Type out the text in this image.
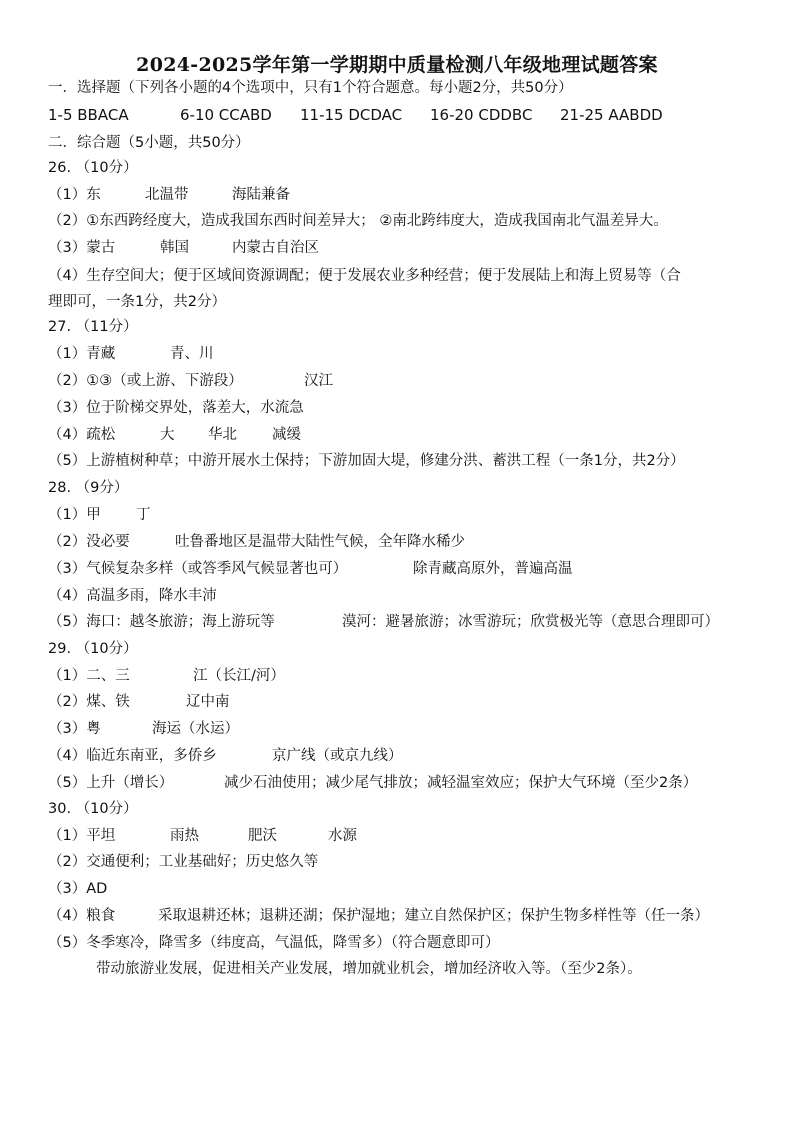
2024-2025学年第一学期期中质量检测八年级地理试题答案
一．选择题（下列各小题的4个选项中，只有1个符合题意。每小题2分，共50分）
1-5 BBACA	6-10 CCABD 11-15 DCDAC 16-20 CDDBC 21-25 AABDD
二．综合题（5小题，共50分）
26. （10分）
（1）东	北温带	海陆兼备
（2）①东西跨经度大，造成我国东西时间差异大； ②南北跨纬度大，造成我国南北气温差异大。
（3）蒙古	韩国	内蒙古自治区
（4）生存空间大；便于区域间资源调配；便于发展农业多种经营；便于发展陆上和海上贸易等（合
理即可，一条1分，共2分）
27. （11分）
（1）青藏	青、川
（2）①③（或上游、下游段）	汉江
（3）位于阶梯交界处，落差大，水流急
（4）疏松	大 华北 减缓
（5）上游植树种草；中游开展水土保持；下游加固大堤，修建分洪、蓄洪工程（一条1分，共2分）
28. （9分）
（1）甲 丁
（2）没必要	吐鲁番地区是温带大陆性气候，全年降水稀少
（3）气候复杂多样（或答季风气候显著也可）	除青藏高原外，普遍高温
（4）高温多雨，降水丰沛
（5）海口：越冬旅游；海上游玩等	漠河：避暑旅游；冰雪游玩；欣赏极光等（意思合理即可）
29. （10分）
（1）二、三	江（长江/河）
（2）煤、铁	辽中南
（3）粤	海运（水运）
（4）临近东南亚，多侨乡	京广线（或京九线）
（5）上升（增长）	减少石油使用；减少尾气排放；减轻温室效应；保护大气环境（至少2条）
30. （10分）
（1）平坦	雨热	肥沃	水源
（2）交通便利；工业基础好；历史悠久等
（3）AD
（4）粮食	采取退耕还林；退耕还湖；保护湿地；建立自然保护区；保护生物多样性等（任一条）
（5）冬季寒冷，降雪多（纬度高，气温低，降雪多）（符合题意即可）
带动旅游业发展，促进相关产业发展，增加就业机会，增加经济收入等。（至少2条）。
